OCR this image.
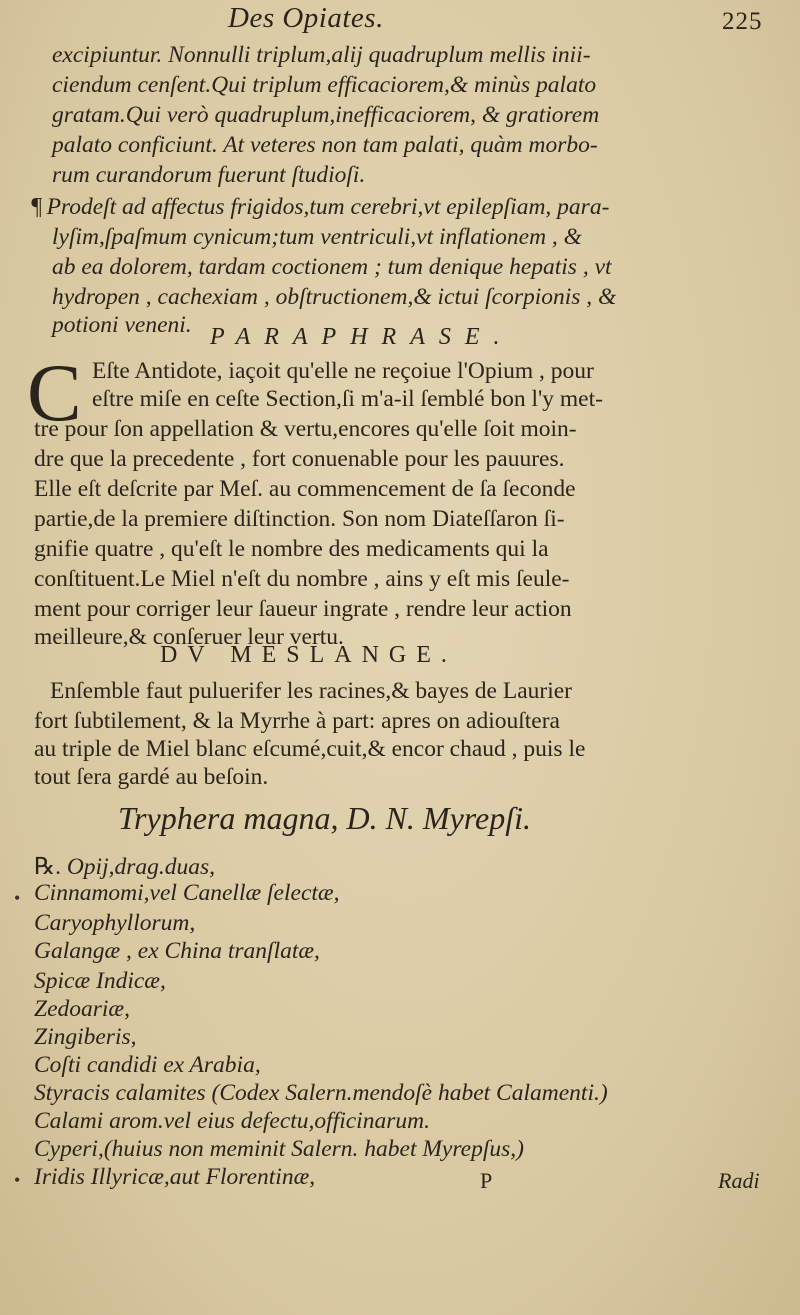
Des Opiates.	225
excipiuntur. Nonnulli triplum,alij quadruplum mellis inii-
ciendum cenſent.Qui triplum efficaciorem,& minùs palato
gratam.Qui verò quadruplum,inefficaciorem, & gratiorem
palato conficiunt. At veteres non tam palati, quàm morbo-
rum curandorum fuerunt ſtudioſi.
¶ Prodeſt ad affectus frigidos,tum cerebri,vt epilepſiam, para-
lyſim,ſpaſmum cynicum;tum ventriculi,vt inflationem , &
ab ea dolorem, tardam coctionem ; tum denique hepatis , vt
hydropen , cachexiam , obſtructionem,& ictui ſcorpionis , &
potioni veneni. PARAPHRASE.
C Eſte Antidote, iaçoit qu'elle ne reçoiue l'Opium , pour
eſtre miſe en ceſte Section,ſi m'a-il ſemblé bon l'y met-
tre pour ſon appellation & vertu,encores qu'elle ſoit moin-
dre que la precedente , fort conuenable pour les pauures.
Elle eſt deſcrite par Meſ. au commencement de ſa ſeconde
partie,de la premiere diſtinction. Son nom Diateſſaron ſi-
gnifie quatre , qu'eſt le nombre des medicaments qui la
conſtituent.Le Miel n'eſt du nombre , ains y eſt mis ſeule-
ment pour corriger leur ſaueur ingrate , rendre leur action
meilleure,& conſeruer leur vertu.
DV MESLANGE.
Enſemble faut puluerifer les racines,& bayes de Laurier
fort ſubtilement, & la Myrrhe à part: apres on adiouſtera
au triple de Miel blanc eſcumé,cuit,& encor chaud , puis le
tout ſera gardé au beſoin.
Tryphera magna, D. N. Myrepſi.
℞. Opij,drag.duas,
Cinnamomi,vel Canellæ ſelectæ,
Caryophyllorum,
Galangæ , ex China tranſlatæ,
Spicæ Indicæ,
Zedoariæ,
Zingiberis,
Coſti candidi ex Arabia,
Styracis calamites (Codex Salern.mendoſè habet Calamenti.)
Calami arom.vel eius defectu,officinarum.
Cyperi,(huius non meminit Salern. habet Myrepſus,)
Iridis Illyricæ,aut Florentinæ,	P	Radi
•
•
